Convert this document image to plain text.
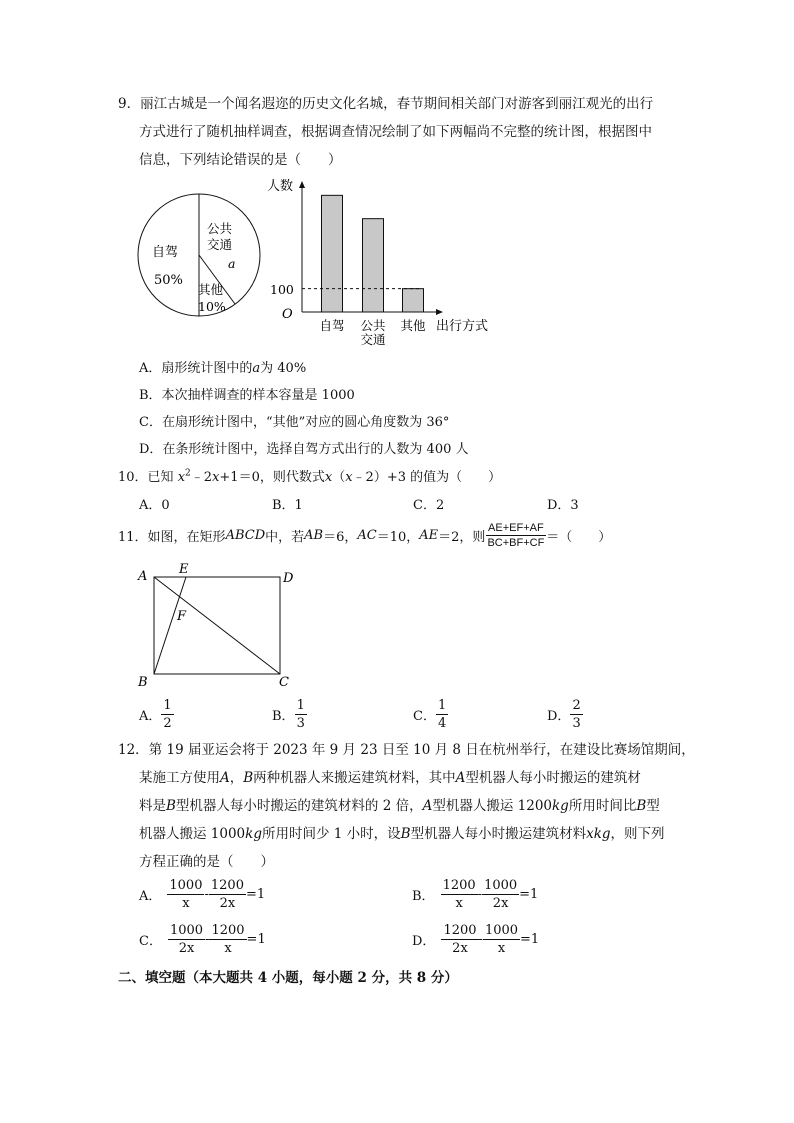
9．丽江古城是一个闻名遐迩的历史文化名城，春节期间相关部门对游客到丽江观光的出行
方式进行了随机抽样调查，根据调查情况绘制了如下两幅尚不完整的统计图，根据图中
信息，下列结论错误的是（　　）
自驾
50%
公共
交通
a
其他
10%
人数
O
100
自驾 公共
交通
其他 出行方式
A．扇形统计图中的a为 40%
B．本次抽样调查的样本容量是 1000
C．在扇形统计图中，“其他”对应的圆心角度数为 36°
D．在条形统计图中，选择自驾方式出行的人数为 400 人
10．已知 $x^2﹣2x+1=0$，则代数式x（x﹣2）+3 的值为（　　）
A．0	B．1	C．2	D．3
11． 如图，在矩形 ABCD 中，若 AB ＝6， AC ＝10， AE ＝2，则 $\frac{AE+EF+AF}{BC+BF+CF}$ ＝（　　）
A E
D
F
B	C
A． $\frac{1}{2}$	B． $\frac{1}{3}$	C． $\frac{1}{4}$	D． $\frac{2}{3}$
12．第 19 届亚运会将于 2023 年 9 月 23 日至 10 月 8 日在杭州举行，在建设比赛场馆期间，
某施工方使用A，B两种机器人来搬运建筑材料，其中A型机器人每小时搬运的建筑材
料是B型机器人每小时搬运的建筑材料的 2 倍，A型机器人搬运 1200kg所用时间比B型
机器人搬运 1000kg所用时间少 1 小时，设B型机器人每小时搬运建筑材料xkg，则下列
方程正确的是（　　）
A． $\frac{1000}{x} - \frac{1200}{2x} =1$	B． $\frac{1200}{x} - \frac{1000}{2x} =1$
C． $\frac{1000}{2x} - \frac{1200}{x} =1$	D． $\frac{1200}{2x} - \frac{1000}{x} =1$
二、填空题（本大题共 4 小题，每小题 2 分，共 8 分）
